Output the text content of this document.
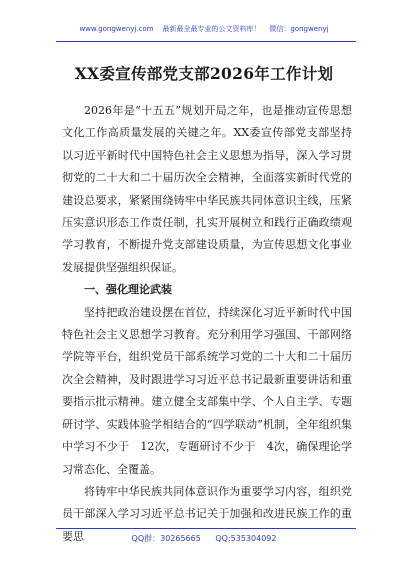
www.gongwenyj.com 最新最全最专业的公文资料库！ 微信：gongwenyj
XX委宣传部党支部2026年工作计划

2026年是“十五五”规划开局之年，也是推动宣传思想文化工作高质量发展的关键之年。XX委宣传部党支部坚持以习近平新时代中国特色社会主义思想为指导，深入学习贯彻党的二十大和二十届历次全会精神，全面落实新时代党的建设总要求，紧紧围绕铸牢中华民族共同体意识主线，压紧压实意识形态工作责任制，扎实开展树立和践行正确政绩观学习教育，不断提升党支部建设质量，为宣传思想文化事业发展提供坚强组织保证。

一、强化理论武装

坚持把政治建设摆在首位，持续深化习近平新时代中国特色社会主义思想学习教育。充分利用学习强国、干部网络学院等平台，组织党员干部系统学习党的二十大和二十届历次全会精神，及时跟进学习习近平总书记最新重要讲话和重要指示批示精神。建立健全支部集中学、个人自主学、专题研讨学、实践体验学相结合的“四学联动”机制，全年组织集中学习不少于　12次，专题研讨不少于　4次，确保理论学习常态化、全覆盖。

将铸牢中华民族共同体意识作为重要学习内容，组织党员干部深入学习习近平总书记关于加强和改进民族工作的重要思	QQ群：30265665 QQ:535304092
